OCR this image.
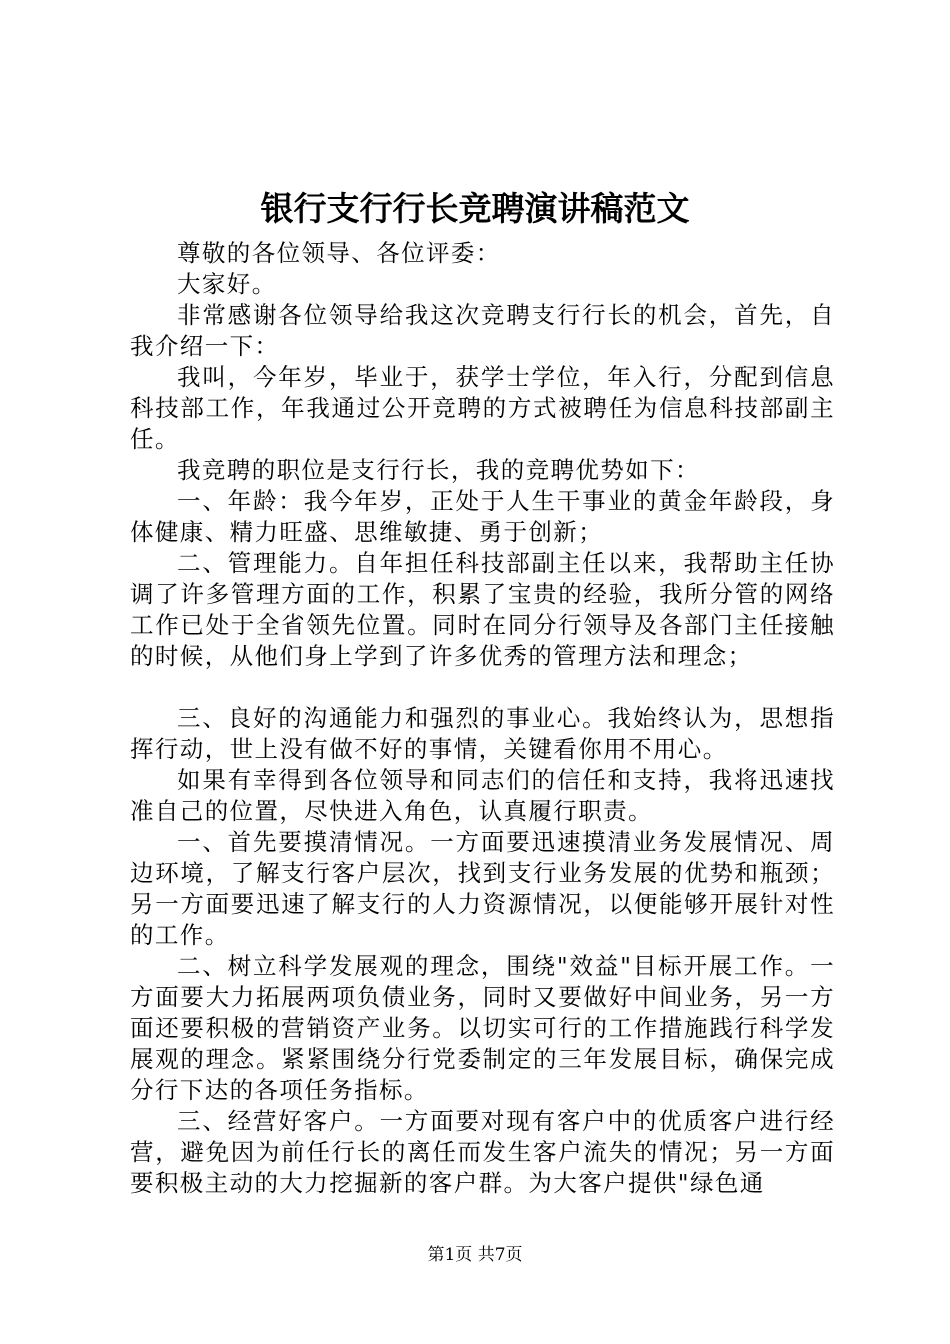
银行支行行长竞聘演讲稿范文

尊敬的各位领导、各位评委：

大家好。

非常感谢各位领导给我这次竞聘支行行长的机会，首先，自我介绍一下：

我叫，今年岁，毕业于，获学士学位，年入行，分配到信息科技部工作，年我通过公开竞聘的方式被聘任为信息科技部副主任。

我竞聘的职位是支行行长，我的竞聘优势如下：

一、年龄：我今年岁，正处于人生干事业的黄金年龄段，身体健康、精力旺盛、思维敏捷、勇于创新；

二、管理能力。自年担任科技部副主任以来，我帮助主任协调了许多管理方面的工作，积累了宝贵的经验，我所分管的网络工作已处于全省领先位置。同时在同分行领导及各部门主任接触的时候，从他们身上学到了许多优秀的管理方法和理念；

三、良好的沟通能力和强烈的事业心。我始终认为，思想指挥行动，世上没有做不好的事情，关键看你用不用心。

如果有幸得到各位领导和同志们的信任和支持，我将迅速找准自己的位置，尽快进入角色，认真履行职责。

一、首先要摸清情况。一方面要迅速摸清业务发展情况、周边环境，了解支行客户层次，找到支行业务发展的优势和瓶颈；另一方面要迅速了解支行的人力资源情况，以便能够开展针对性的工作。

二、树立科学发展观的理念，围绕"效益"目标开展工作。一方面要大力拓展两项负债业务，同时又要做好中间业务，另一方面还要积极的营销资产业务。以切实可行的工作措施践行科学发展观的理念。紧紧围绕分行党委制定的三年发展目标，确保完成分行下达的各项任务指标。

三、经营好客户。一方面要对现有客户中的优质客户进行经营，避免因为前任行长的离任而发生客户流失的情况；另一方面要积极主动的大力挖掘新的客户群。为大客户提供"绿色通

第1页 共7页
